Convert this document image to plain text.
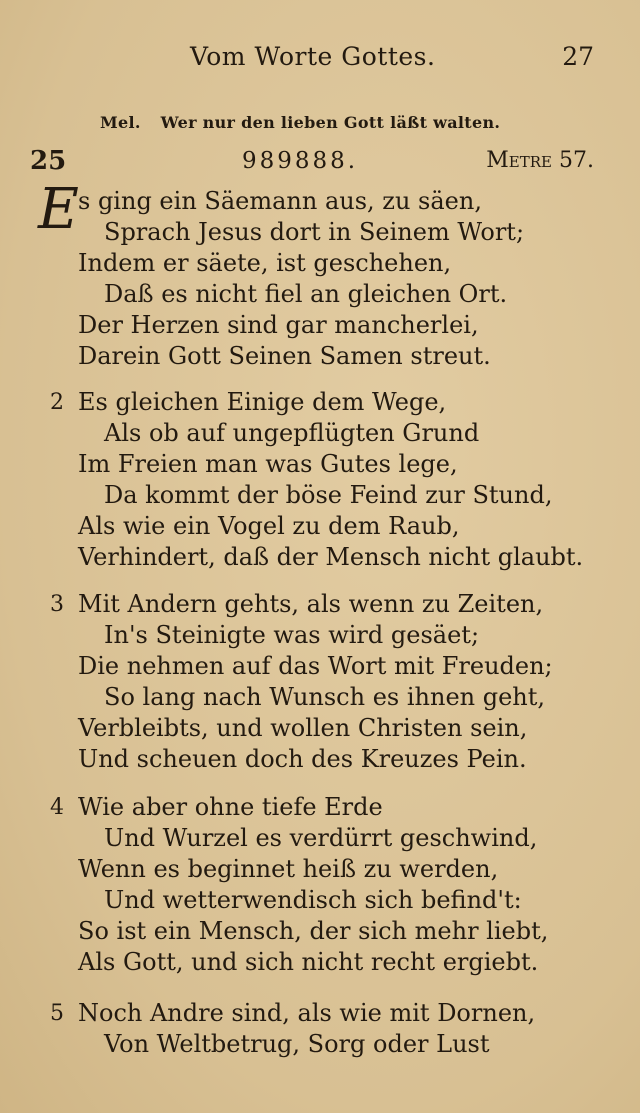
Vom Worte Gottes.	27
Mel. Wer nur den lieben Gott läßt walten.
25	989888.	Metre 57.
E s ging ein Säemann aus, zu säen,
Sprach Jesus dort in Seinem Wort;
Indem er säete, ist geschehen,
Daß es nicht fiel an gleichen Ort.
Der Herzen sind gar mancherlei,
Darein Gott Seinen Samen streut.
2 Es gleichen Einige dem Wege,
Als ob auf ungepflügten Grund
Im Freien man was Gutes lege,
Da kommt der böse Feind zur Stund,
Als wie ein Vogel zu dem Raub,
Verhindert, daß der Mensch nicht glaubt.
3 Mit Andern gehts, als wenn zu Zeiten,
In's Steinigte was wird gesäet;
Die nehmen auf das Wort mit Freuden;
So lang nach Wunsch es ihnen geht,
Verbleibts, und wollen Christen sein,
Und scheuen doch des Kreuzes Pein.
4 Wie aber ohne tiefe Erde
Und Wurzel es verdürrt geschwind,
Wenn es beginnet heiß zu werden,
Und wetterwendisch sich befind't:
So ist ein Mensch, der sich mehr liebt,
Als Gott, und sich nicht recht ergiebt.
5 Noch Andre sind, als wie mit Dornen,
Von Weltbetrug, Sorg oder Lust
